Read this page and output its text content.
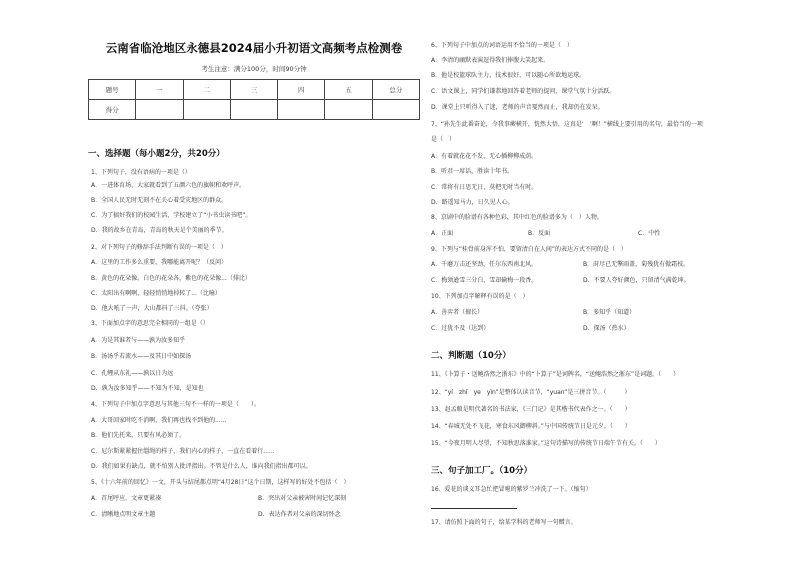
云南省临沧地区永德县2024届小升初语文高频考点检测卷
考生注意：满分100分，时间90分钟
题号	一	二	三	四	五	总分
得分						
一、选择题（每小题2分，共20分）
1、下列句子，没有语病的一项是（）
A．一进体育场，大家就看到了五颜六色的旗帜和欢呼声。
B．全国人民无时无刻不在关心着受灾地区的群众。
C．为了搞好我们的校园生活，学校建立了“小书虫读书吧”。
D．我的故乡在青岛，青岛的秋天是个美丽的季节。
2、对下列句子的修辞手法判断有误的一项是（　）
A．这里的工作多么重要，我哪能离开呢？（反问）
B．黄色的花朵像，白色的花朵各，紫色的花朵像...（排比）
C．太阳出有啊啊，轻轻悄悄地掉转了...（比喻）
D．他大吼了一声，大山都抖了三抖。（夸张）
3、下面加点字的意思完全相同的一组是（）
A．为是其谁者与——孰为汝多知乎
B．汤汤乎若流水——及其日中如探汤
C．孔鲤从东礼——孰以日为远
D．孰为汝多知乎——不知为不知，是知也
4、下列句子中加点字意思与其他三句不一样的一项是（　　）。
A．大哥回家时吃不消啊，我们再也找不到他的......
B．他们先托来，只要有风必须了。
C．尼尔斯紧紧握住缰绳的样子，我们内心的样子，一直在看着行......
D．我们如果有缺点，就不怕别人批评指出。不管是什么人，谁向我们指出都可以。
5、《十六年前的回忆》一文，开头与结尾都点明“4月28日”这个日期，这样写的好处不包括（　）
A．首尾呼应，文章更紧凑	B．突出对父亲被害时间记忆深刻
C．清晰地点明文章主题	D．表达作者对父亲的深切怀念
6、下列句子中加点的词语运用不恰当的一项是（　）
A．李清的幽默表演逗得我们捧腹大笑起来。
B．他是校篮球队主力，技术很好，可以随心所欲地运球。
C．语文课上，同学们谦恭地回答着老师的提问，课堂气氛十分活跃。
D．课堂上只听得入了迷，老师的声音戛然而止，我却仍在发呆。
7、“孙先生此番奋论，令我事蕨横开，恍然大悟，这真是‘　’啊！”横线上要引用的名句，最恰当的一项
是（　）
A．有着就花花不发，无心插柳柳成荫。
B．听君一席话，胜读十年书。
C．常将有日思无日，莫把无时当有时。
D．路遥知马力，日久见人心。
8、京剧中的脸谱有各种色彩，其中红色的脸谱多为（　）人物。
A．正面	B．反面	C．中性
9、下列与“桂骨前身浑不怕，要留清白在人间”的表达方式不同的是（　）
A．千磨万击还坚劲，任尔东西南北风。	B．莳尽已无擎雨盖，菊残犹有傲霜枝。
C．梅须逊雪三分白，雪却输梅一段香。	D．不要人夸好颜色，只留清气满乾坤。
10、下列加点字解释有误的是（　）
A．善弈者（擅长）	B．多知乎（知道）
C．过犹不及（达到）	D．探汤（热水）
二、判断题（10分）
11、《卜算子・送鲍浩然之浙东》中的“卜算子”是词牌名，“送鲍浩然之浙东”是词题。（　　）
12、“yí　zhǐ　ye　yìn”是整体认读音节，“yuan”是三拼音节。（　　　）
13、赵孟頫是明代著名的书法家，《三门记》是其楷书代表作之一。（　　）
14、“春城无处不飞花，寒食东风御柳斜。”与中国传统节日是元夕。（　　）
15、“今夜月明人尽望，不知秋思落谁家。”这句诗描写的传统节日端午节有关。（　　）
三、句子加工厂。（10分）
16、爱花的谈义耳急忙把冒啦的紫罗兰冲洗了一下。（缩句）
17、请仿照下面的句子，给某学科的老师写一句赠言。
